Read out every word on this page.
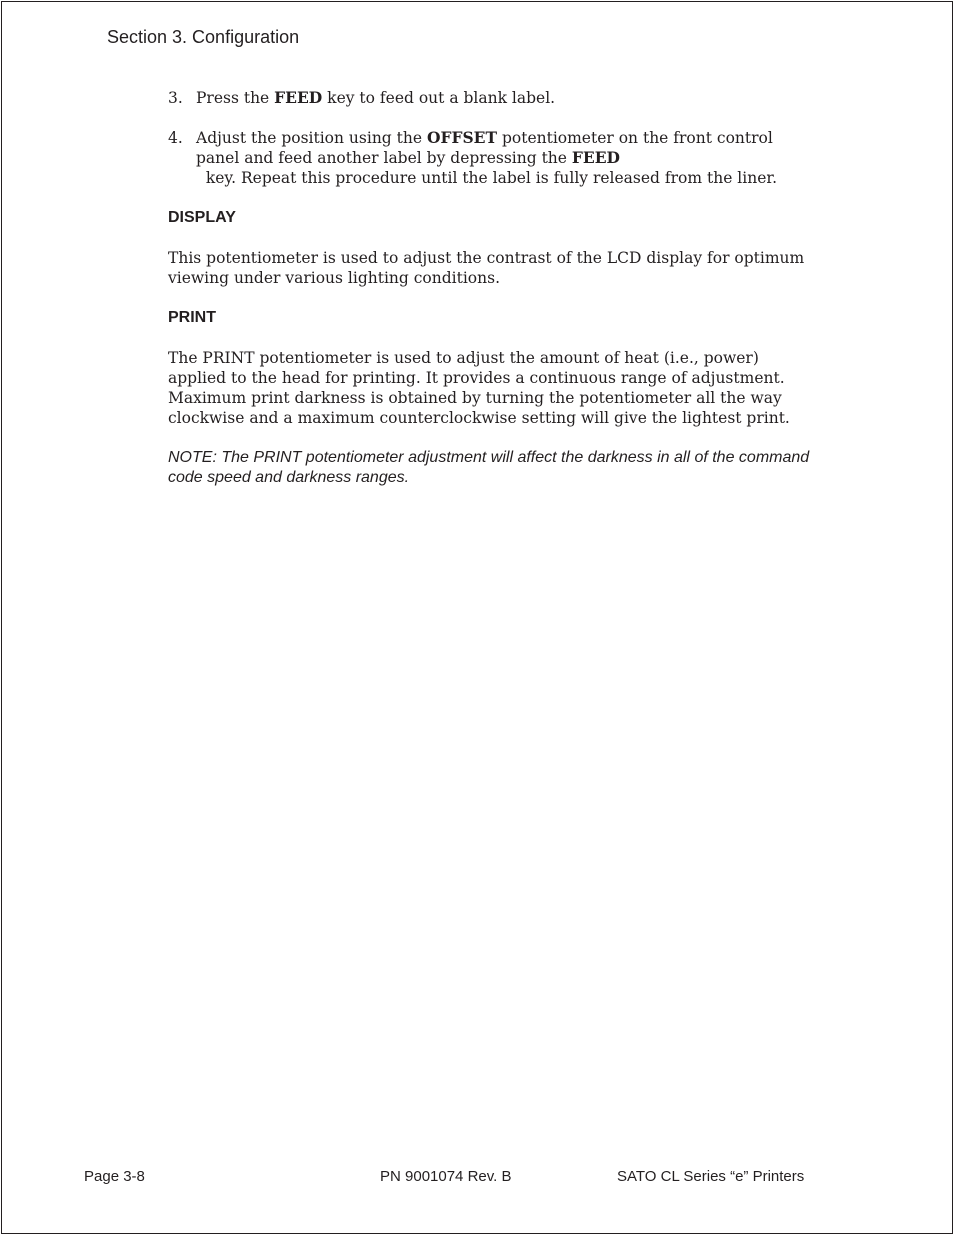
Section 3. Configuration
3. Press the FEED key to feed out a blank label.
4. Adjust the position using the OFFSET potentiometer on the front control panel and feed another label by depressing the FEED  key. Repeat this procedure until the label is fully released from the liner.
DISPLAY

This potentiometer is used to adjust the contrast of the LCD display for optimum viewing under various lighting conditions.

PRINT

The PRINT potentiometer is used to adjust the amount of heat (i.e., power) applied to the head for printing. It provides a continuous range of adjustment. Maximum print darkness is obtained by turning the potentiometer all the way clockwise and a maximum counterclockwise setting will give the lightest print.

NOTE: The PRINT potentiometer adjustment will affect the darkness in all of the command code speed and darkness ranges.

Page 3-8	PN 9001074 Rev. B	SATO CL Series “e” Printers
